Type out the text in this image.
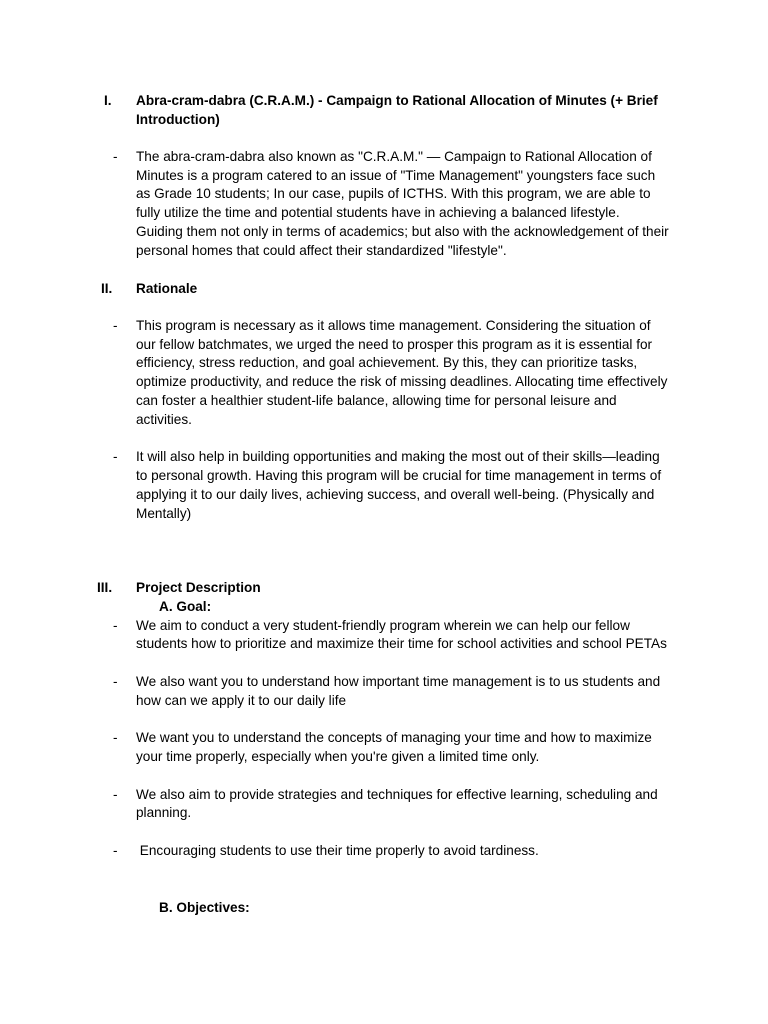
I. Abra-cram-dabra (C.R.A.M.) - Campaign to Rational Allocation of Minutes (+ Brief
Introduction)
- The abra-cram-dabra also known as "C.R.A.M." — Campaign to Rational Allocation of
Minutes is a program catered to an issue of "Time Management" youngsters face such
as Grade 10 students; In our case, pupils of ICTHS. With this program, we are able to
fully utilize the time and potential students have in achieving a balanced lifestyle.
Guiding them not only in terms of academics; but also with the acknowledgement of their
personal homes that could affect their standardized "lifestyle".
II. Rationale
- This program is necessary as it allows time management. Considering the situation of
our fellow batchmates, we urged the need to prosper this program as it is essential for
efficiency, stress reduction, and goal achievement. By this, they can prioritize tasks,
optimize productivity, and reduce the risk of missing deadlines. Allocating time effectively
can foster a healthier student-life balance, allowing time for personal leisure and
activities.
- It will also help in building opportunities and making the most out of their skills—leading
to personal growth. Having this program will be crucial for time management in terms of
applying it to our daily lives, achieving success, and overall well-being. (Physically and
Mentally)
III. Project Description
A. Goal:
- We aim to conduct a very student-friendly program wherein we can help our fellow
students how to prioritize and maximize their time for school activities and school PETAs
- We also want you to understand how important time management is to us students and
how can we apply it to our daily life
- We want you to understand the concepts of managing your time and how to maximize
your time properly, especially when you're given a limited time only.
- We also aim to provide strategies and techniques for effective learning, scheduling and
planning.
- Encouraging students to use their time properly to avoid tardiness.
B. Objectives:
